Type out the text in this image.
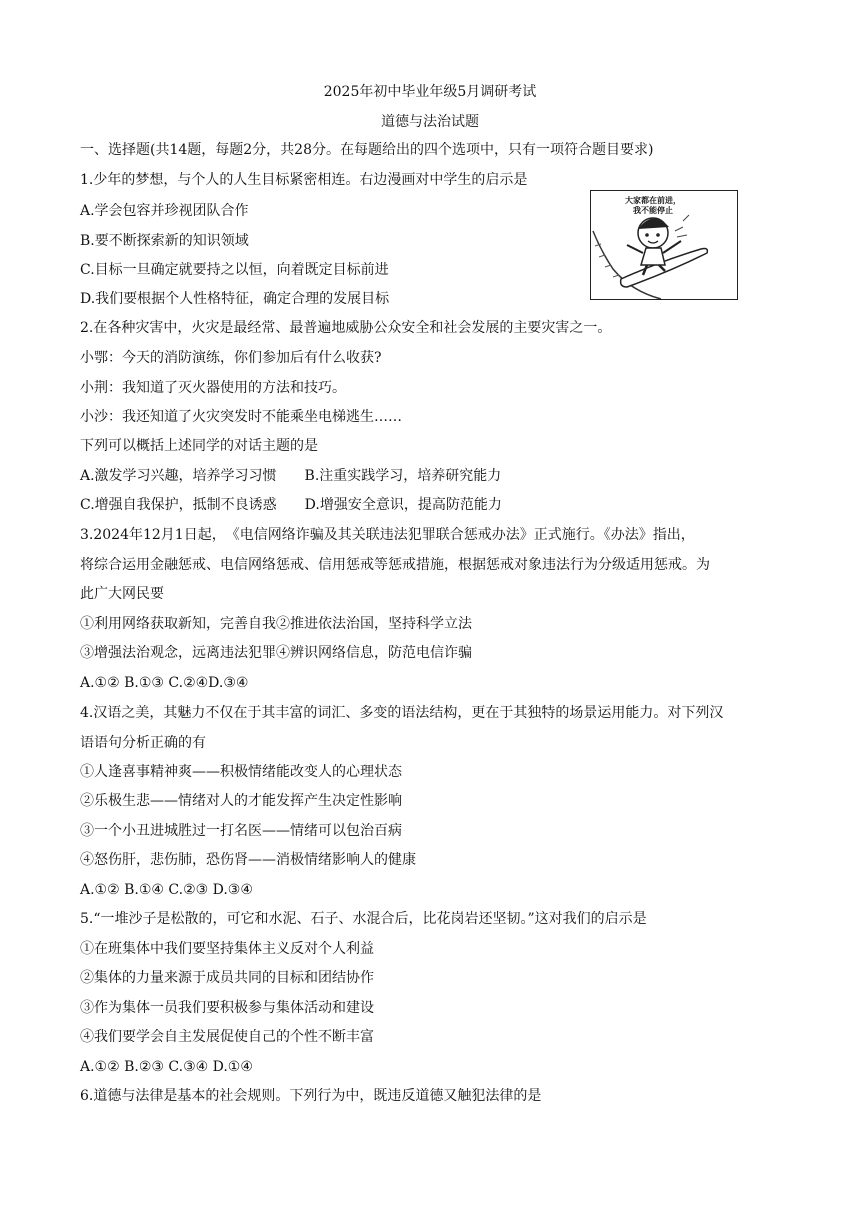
2025年初中毕业年级5月调研考试
道德与法治试题
一、选择题(共14题，每题2分，共28分。在每题给出的四个选项中，只有一项符合题目要求)
1.少年的梦想，与个人的人生目标紧密相连。右边漫画对中学生的启示是
A.学会包容并珍视团队合作
B.要不断探索新的知识领域
C.目标一旦确定就要持之以恒，向着既定目标前进
D.我们要根据个人性格特征，确定合理的发展目标
大家都在前进，
我不能停止
2.在各种灾害中，火灾是最经常、最普遍地威胁公众安全和社会发展的主要灾害之一。
小鄂：今天的消防演练，你们参加后有什么收获?
小荆：我知道了灭火器使用的方法和技巧。
小沙：我还知道了火灾突发时不能乘坐电梯逃生……
下列可以概括上述同学的对话主题的是
A.激发学习兴趣，培养学习习惯　　B.注重实践学习，培养研究能力
C.增强自我保护，抵制不良诱惑　　D.增强安全意识，提高防范能力
3.2024年12月1日起，　《电信网络诈骗及其关联违法犯罪联合惩戒办法》正式施行。《办法》指出，
将综合运用金融惩戒、电信网络惩戒、信用惩戒等惩戒措施，根据惩戒对象违法行为分级适用惩戒。为
此广大网民要
①利用网络获取新知，完善自我②推进依法治国，坚持科学立法
③增强法治观念，远离违法犯罪④辨识网络信息，防范电信诈骗
A.①② B.①③ C.②④D.③④
4.汉语之美，其魅力不仅在于其丰富的词汇、多变的语法结构，更在于其独特的场景运用能力。对下列汉
语语句分析正确的有
①人逢喜事精神爽——积极情绪能改变人的心理状态
②乐极生悲——情绪对人的才能发挥产生决定性影响
③一个小丑进城胜过一打名医——情绪可以包治百病
④怒伤肝，悲伤肺，恐伤肾——消极情绪影响人的健康
A.①② B.①④ C.②③ D.③④
5.“一堆沙子是松散的，可它和水泥、石子、水混合后，比花岗岩还坚韧。”这对我们的启示是
①在班集体中我们要坚持集体主义反对个人利益
②集体的力量来源于成员共同的目标和团结协作
③作为集体一员我们要积极参与集体活动和建设
④我们要学会自主发展促使自己的个性不断丰富
A.①② B.②③ C.③④ D.①④
6.道德与法律是基本的社会规则。下列行为中，既违反道德又触犯法律的是
